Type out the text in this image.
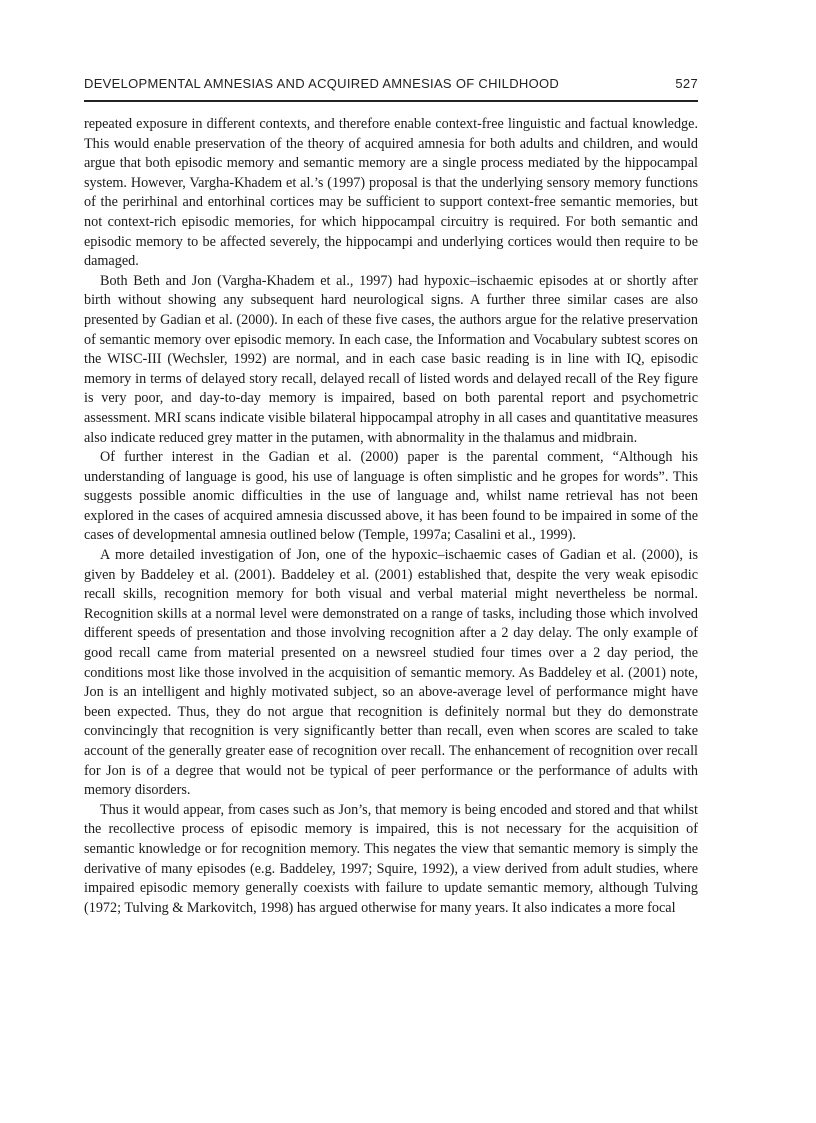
DEVELOPMENTAL AMNESIAS AND ACQUIRED AMNESIAS OF CHILDHOOD	527

repeated exposure in different contexts, and therefore enable context-free linguistic and factual knowledge. This would enable preservation of the theory of acquired amnesia for both adults and children, and would argue that both episodic memory and semantic memory are a single process mediated by the hippocampal system. However, Vargha-Khadem et al.’s (1997) proposal is that the underlying sensory memory functions of the perirhinal and entorhinal cortices may be sufficient to support context-free semantic memories, but not context-rich episodic memories, for which hippocampal circuitry is required. For both semantic and episodic memory to be affected severely, the hippocampi and underlying cortices would then require to be damaged.

Both Beth and Jon (Vargha-Khadem et al., 1997) had hypoxic–ischaemic episodes at or shortly after birth without showing any subsequent hard neurological signs. A further three similar cases are also presented by Gadian et al. (2000). In each of these five cases, the authors argue for the relative preservation of semantic memory over episodic memory. In each case, the Information and Vocabulary subtest scores on the WISC-III (Wechsler, 1992) are normal, and in each case basic reading is in line with IQ, episodic memory in terms of delayed story recall, delayed recall of listed words and delayed recall of the Rey figure is very poor, and day-to-day memory is impaired, based on both parental report and psychometric assessment. MRI scans indicate visible bilateral hippocampal atrophy in all cases and quantitative measures also indicate reduced grey matter in the putamen, with abnormality in the thalamus and midbrain.

Of further interest in the Gadian et al. (2000) paper is the parental comment, “Although his understanding of language is good, his use of language is often simplistic and he gropes for words”. This suggests possible anomic difficulties in the use of language and, whilst name retrieval has not been explored in the cases of acquired amnesia discussed above, it has been found to be impaired in some of the cases of developmental amnesia outlined below (Temple, 1997a; Casalini et al., 1999).

A more detailed investigation of Jon, one of the hypoxic–ischaemic cases of Gadian et al. (2000), is given by Baddeley et al. (2001). Baddeley et al. (2001) established that, despite the very weak episodic recall skills, recognition memory for both visual and verbal material might nevertheless be normal. Recognition skills at a normal level were demonstrated on a range of tasks, including those which involved different speeds of presentation and those involving recognition after a 2 day delay. The only example of good recall came from material presented on a newsreel studied four times over a 2 day period, the conditions most like those involved in the acquisition of semantic memory. As Baddeley et al. (2001) note, Jon is an intelligent and highly motivated subject, so an above-average level of performance might have been expected. Thus, they do not argue that recognition is definitely normal but they do demonstrate convincingly that recognition is very significantly better than recall, even when scores are scaled to take account of the generally greater ease of recognition over recall. The enhancement of recognition over recall for Jon is of a degree that would not be typical of peer performance or the performance of adults with memory disorders.

Thus it would appear, from cases such as Jon’s, that memory is being encoded and stored and that whilst the recollective process of episodic memory is impaired, this is not necessary for the acquisition of semantic knowledge or for recognition memory. This negates the view that semantic memory is simply the derivative of many episodes (e.g. Baddeley, 1997; Squire, 1992), a view derived from adult studies, where impaired episodic memory generally coexists with failure to update semantic memory, although Tulving (1972; Tulving & Markovitch, 1998) has argued otherwise for many years. It also indicates a more focal
